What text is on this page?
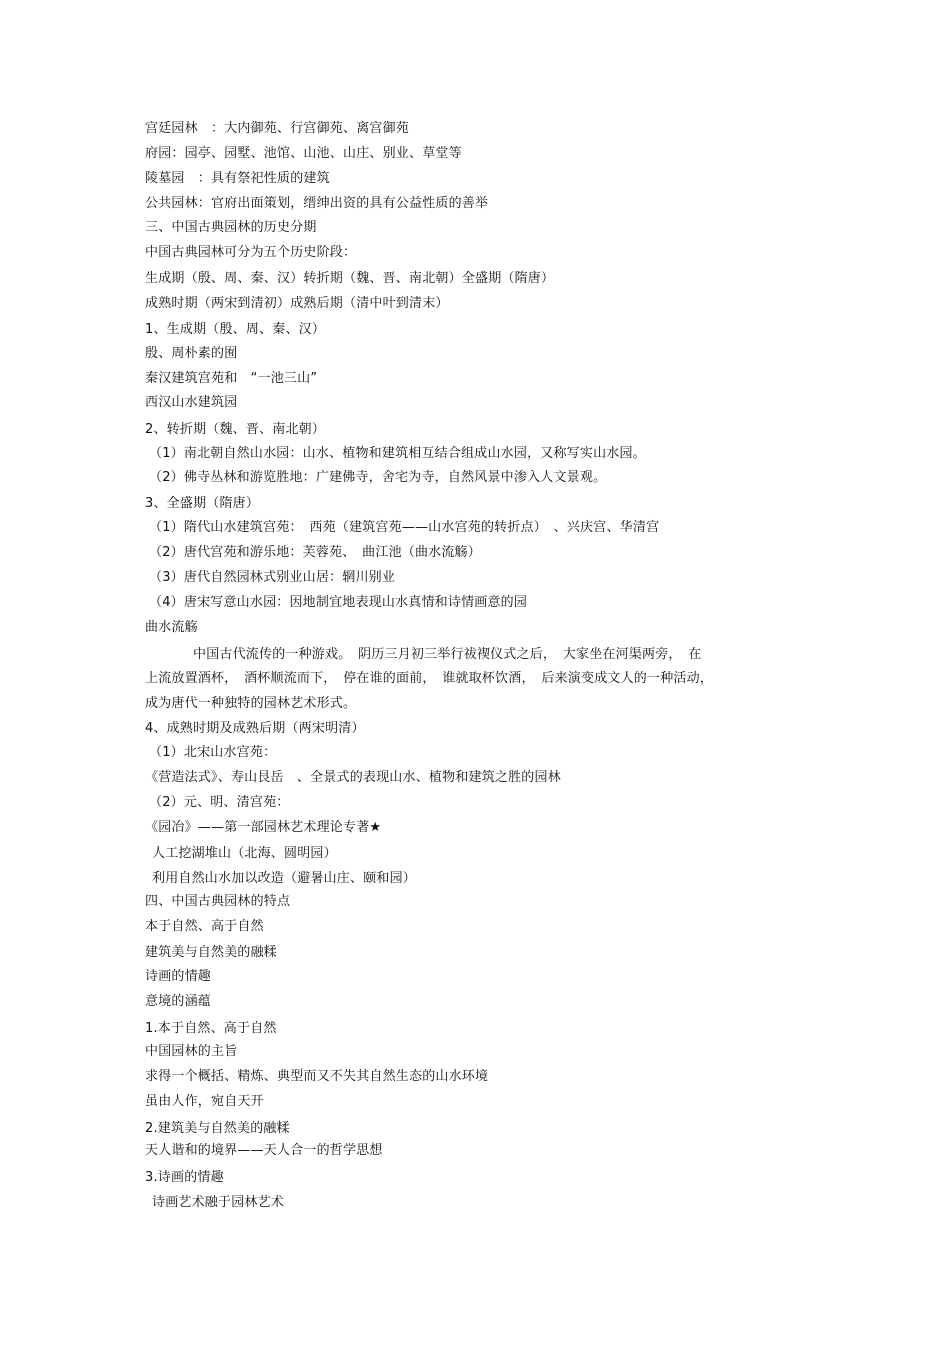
宫廷园林　：大内御苑、行宫御苑、离宫御苑
府园：园亭、园墅、池馆、山池、山庄、别业、草堂等
陵墓园　：具有祭祀性质的建筑
公共园林：官府出面策划，缙绅出资的具有公益性质的善举
三、中国古典园林的历史分期
中国古典园林可分为五个历史阶段：
生成期（殷、周、秦、汉）转折期（魏、晋、南北朝）全盛期（隋唐）
成熟时期（两宋到清初）成熟后期（清中叶到清末）
1、生成期（殷、周、秦、汉）
殷、周朴素的囿
秦汉建筑宫苑和　“一池三山”
西汉山水建筑园
2、转折期（魏、晋、南北朝）
（1）南北朝自然山水园：山水、植物和建筑相互结合组成山水园，又称写实山水园。
（2）佛寺丛林和游览胜地：广建佛寺，舍宅为寺，自然风景中渗入人文景观。
3、全盛期（隋唐）
（1）隋代山水建筑宫苑：　西苑（建筑宫苑——山水宫苑的转折点）　、兴庆宫、华清宫
（2）唐代宫苑和游乐地：芙蓉苑、　曲江池（曲水流觞）
（3）唐代自然园林式别业山居：辋川别业
（4）唐宋写意山水园：因地制宜地表现山水真情和诗情画意的园
曲水流觞
中国古代流传的一种游戏。　阴历三月初三举行祓禊仪式之后，　大家坐在河渠两旁，　在
上流放置酒杯，　酒杯顺流而下，　停在谁的面前，　谁就取杯饮酒，　后来演变成文人的一种活动，
成为唐代一种独特的园林艺术形式。
4、成熟时期及成熟后期（两宋明清）
（1）北宋山水宫苑：
《营造法式》、寿山艮岳　、全景式的表现山水、植物和建筑之胜的园林
（2）元、明、清宫苑：
《园冶》——第一部园林艺术理论专著★
人工挖湖堆山（北海、圆明园）
利用自然山水加以改造（避暑山庄、颐和园）
四、中国古典园林的特点
本于自然、高于自然
建筑美与自然美的融糅
诗画的情趣
意境的涵蕴
1.本于自然、高于自然
中国园林的主旨
求得一个概括、精炼、典型而又不失其自然生态的山水环境
虽由人作，宛自天开
2.建筑美与自然美的融糅
天人谐和的境界——天人合一的哲学思想
3.诗画的情趣
诗画艺术融于园林艺术
